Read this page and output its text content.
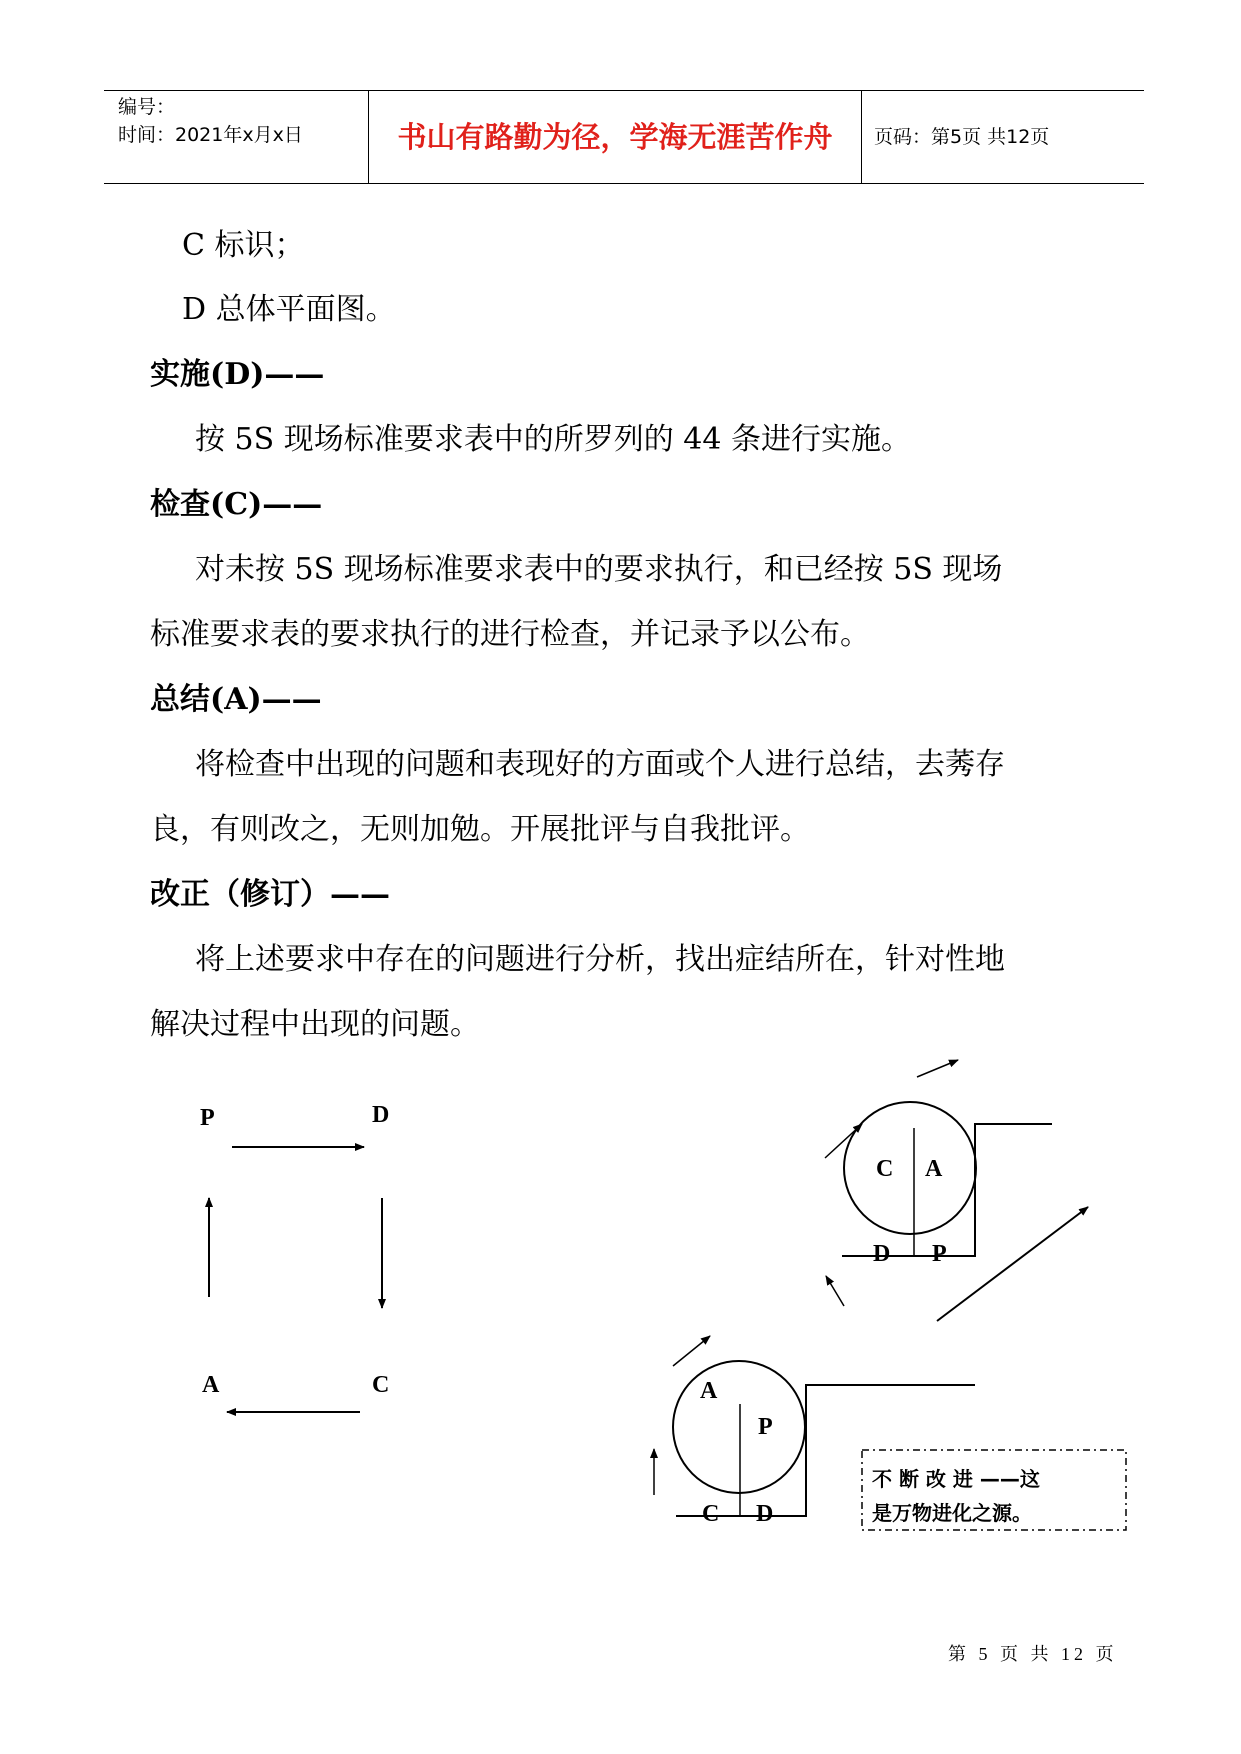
编号：
时间：2021年x月x日	书山有路勤为径，学海无涯苦作舟	页码：第5页 共12页
C 标识；
D 总体平面图。
实施(D)——
按 5S 现场标准要求表中的所罗列的 44 条进行实施。
检查(C)——
对未按 5S 现场标准要求表中的要求执行，和已经按 5S 现场
标准要求表的要求执行的进行检查，并记录予以公布。
总结(A)——
将检查中出现的问题和表现好的方面或个人进行总结，去莠存
良，有则改之，无则加勉。开展批评与自我批评。
改正（修订）——
将上述要求中存在的问题进行分析，找出症结所在，针对性地
解决过程中出现的问题。
P	D
A	C
C A
D P
A
P
C D
不 断 改 进 ——这
是万物进化之源。
第 5 页 共 12 页
